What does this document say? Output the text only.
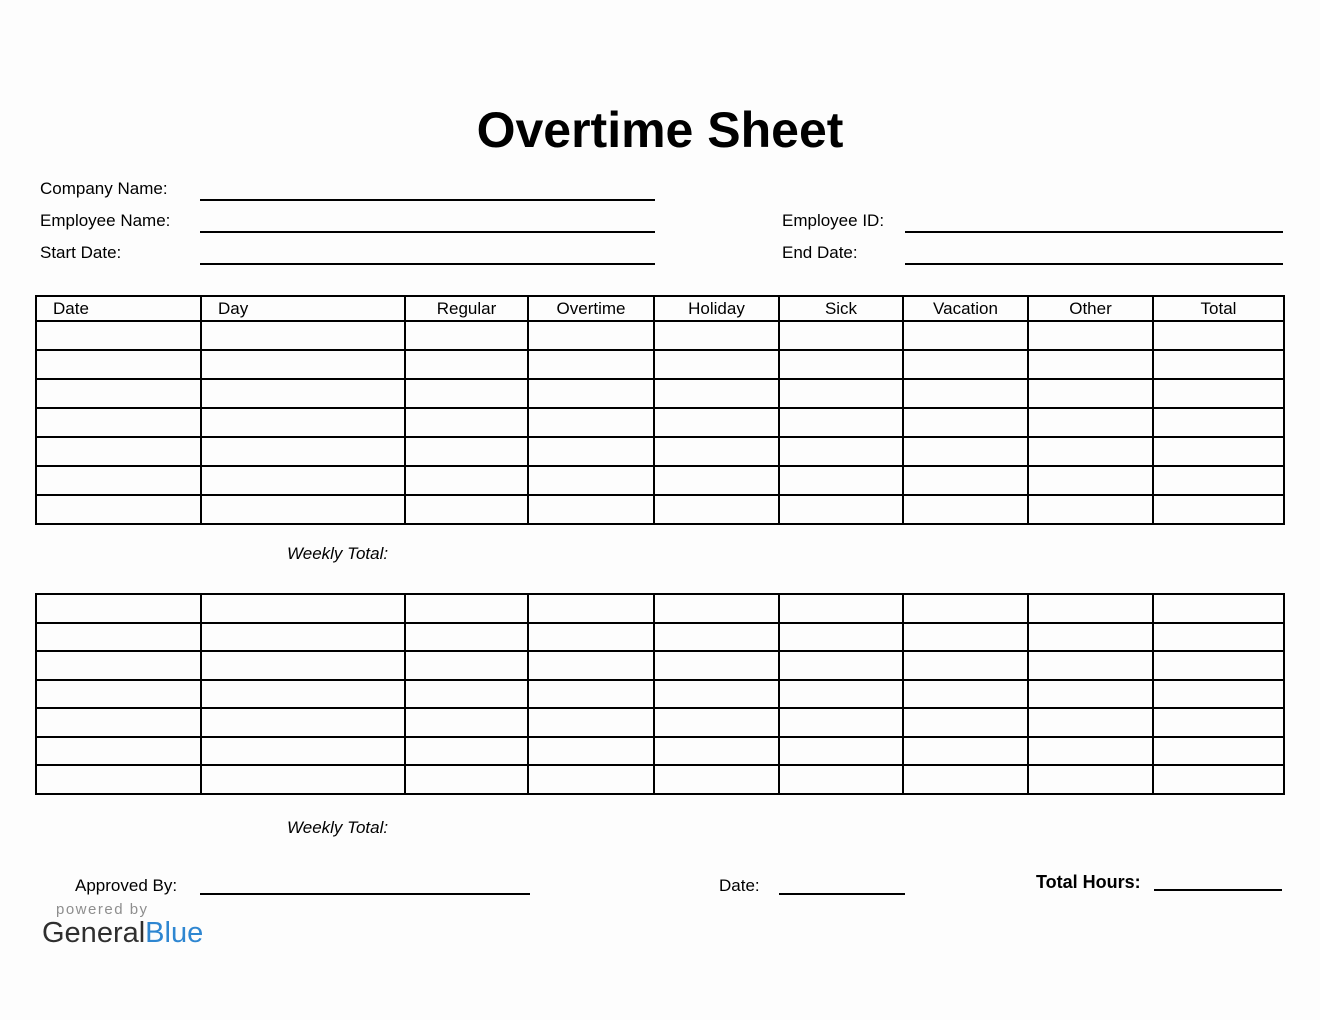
Overtime Sheet
Company Name:
Employee Name:
Start Date:
Employee ID:
End Date:
Date	Day	Regular	Overtime	Holiday	Sick	Vacation	Other	Total

Weekly Total:

Weekly Total:
Approved By:	Date:	Total Hours:
powered by
GeneralBlue
